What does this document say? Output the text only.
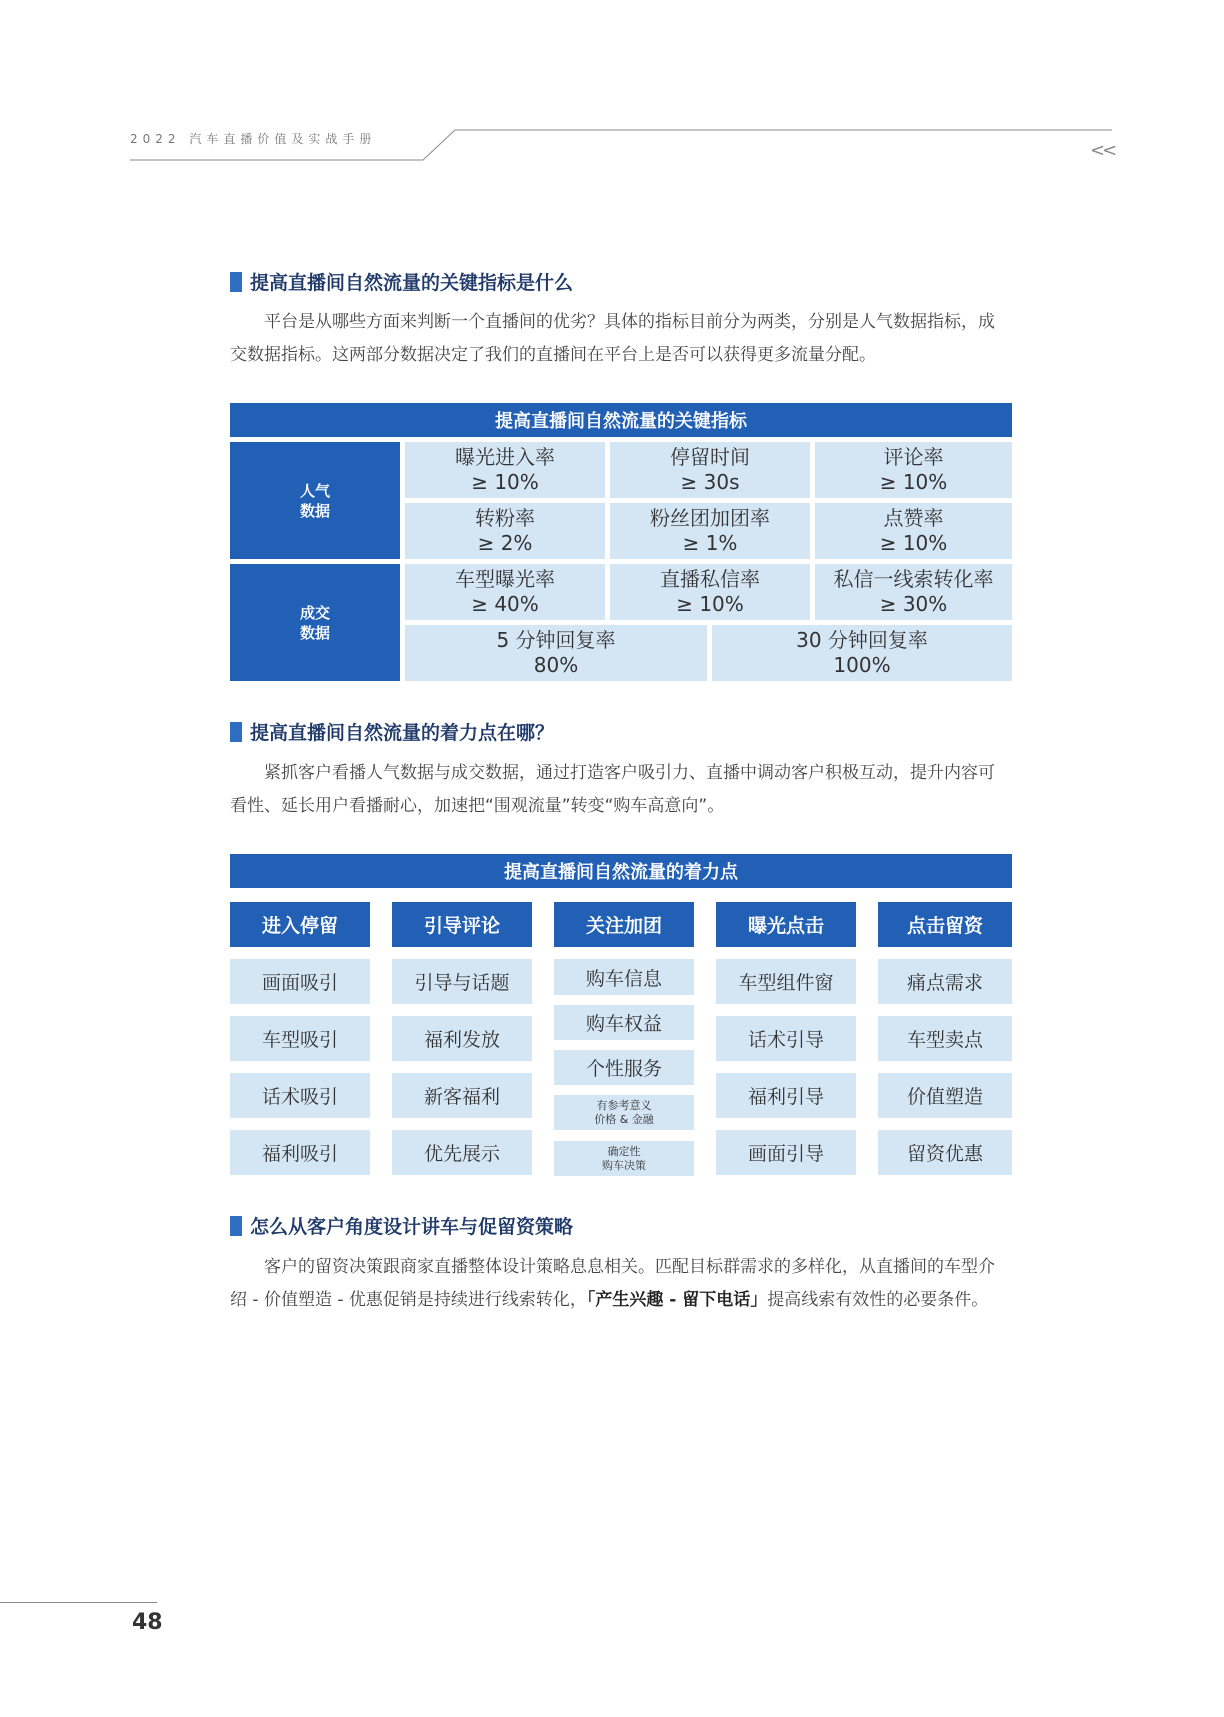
2022 汽车直播价值及实战手册
<<
提高直播间自然流量的关键指标是什么
平台是从哪些方面来判断一个直播间的优劣？具体的指标目前分为两类，分别是人气数据指标，成交数据指标。这两部分数据决定了我们的直播间在平台上是否可以获得更多流量分配。
提高直播间自然流量的关键指标
人气
数据
成交
数据
曝光进入率
≥ 10%
停留时间
≥ 30s
评论率
≥ 10%
转粉率
≥ 2%
粉丝团加团率
≥ 1%
点赞率
≥ 10%
车型曝光率
≥ 40%
直播私信率
≥ 10%
私信一线索转化率
≥ 30%
5 分钟回复率
80%
30 分钟回复率
100%
提高直播间自然流量的着力点在哪？
紧抓客户看播人气数据与成交数据，通过打造客户吸引力、直播中调动客户积极互动，提升内容可看性、延长用户看播耐心，加速把“围观流量”转变“购车高意向”。
提高直播间自然流量的着力点
进入停留
画面吸引
车型吸引
话术吸引
福利吸引
引导评论
引导与话题
福利发放
新客福利
优先展示
关注加团
购车信息
购车权益
个性服务
有参考意义
价格 & 金融
确定性
购车决策
曝光点击
车型组件窗
话术引导
福利引导
画面引导
点击留资
痛点需求
车型卖点
价值塑造
留资优惠
怎么从客户角度设计讲车与促留资策略
客户的留资决策跟商家直播整体设计策略息息相关。匹配目标群需求的多样化，从直播间的车型介绍 - 价值塑造 - 优惠促销是持续进行线索转化，「产生兴趣 - 留下电话」提高线索有效性的必要条件。
48
